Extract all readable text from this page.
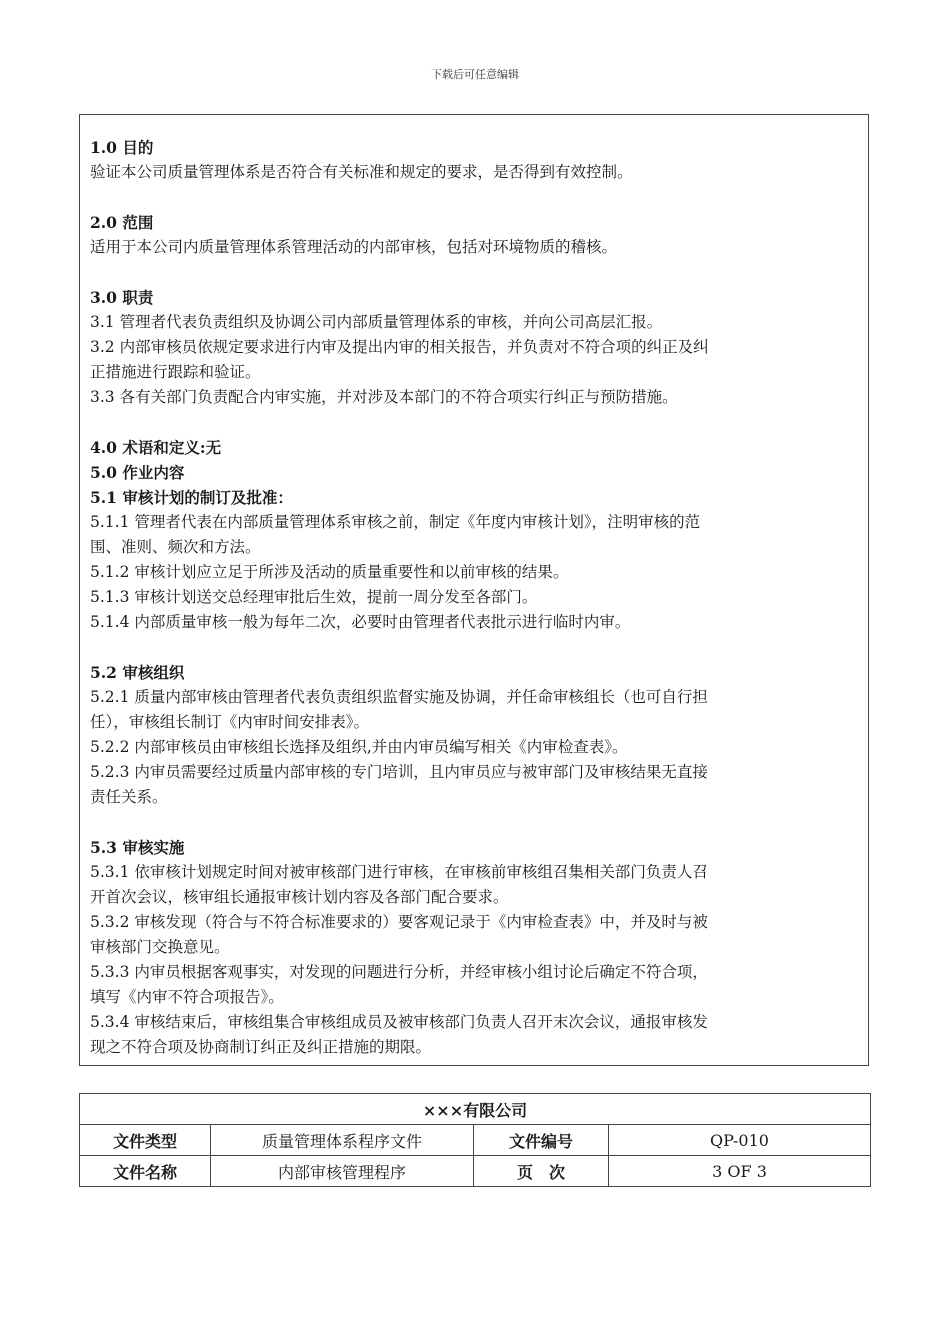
下载后可任意编辑
1.0 目的
验证本公司质量管理体系是否符合有关标准和规定的要求，是否得到有效控制。
2.0 范围
适用于本公司内质量管理体系管理活动的内部审核，包括对环境物质的稽核。
3.0 职责
3.1 管理者代表负责组织及协调公司内部质量管理体系的审核，并向公司高层汇报。
3.2 内部审核员依规定要求进行内审及提出内审的相关报告，并负责对不符合项的纠正及纠
正措施进行跟踪和验证。
3.3 各有关部门负责配合内审实施，并对涉及本部门的不符合项实行纠正与预防措施。
4.0 术语和定义:无
5.0 作业内容
5.1 审核计划的制订及批准：
5.1.1 管理者代表在内部质量管理体系审核之前，制定《年度内审核计划》，注明审核的范
围、准则、频次和方法。
5.1.2 审核计划应立足于所涉及活动的质量重要性和以前审核的结果。
5.1.3 审核计划送交总经理审批后生效，提前一周分发至各部门。
5.1.4 内部质量审核一般为每年二次，必要时由管理者代表批示进行临时内审。
5.2 审核组织
5.2.1 质量内部审核由管理者代表负责组织监督实施及协调，并任命审核组长（也可自行担
任），审核组长制订《内审时间安排表》。
5.2.2 内部审核员由审核组长选择及组织,并由内审员编写相关《内审检查表》。
5.2.3 内审员需要经过质量内部审核的专门培训，且内审员应与被审部门及审核结果无直接
责任关系。
5.3 审核实施
5.3.1 依审核计划规定时间对被审核部门进行审核，在审核前审核组召集相关部门负责人召
开首次会议，核审组长通报审核计划内容及各部门配合要求。
5.3.2 审核发现（符合与不符合标准要求的）要客观记录于《内审检查表》中，并及时与被
审核部门交换意见。
5.3.3 内审员根据客观事实，对发现的问题进行分析，并经审核小组讨论后确定不符合项，
填写《内审不符合项报告》。
5.3.4 审核结束后，审核组集合审核组成员及被审核部门负责人召开末次会议，通报审核发
现之不符合项及协商制订纠正及纠正措施的期限。
×××有限公司			
文件类型	质量管理体系程序文件	文件编号	QP-010
文件名称	内部审核管理程序	页　次	3 OF 3
